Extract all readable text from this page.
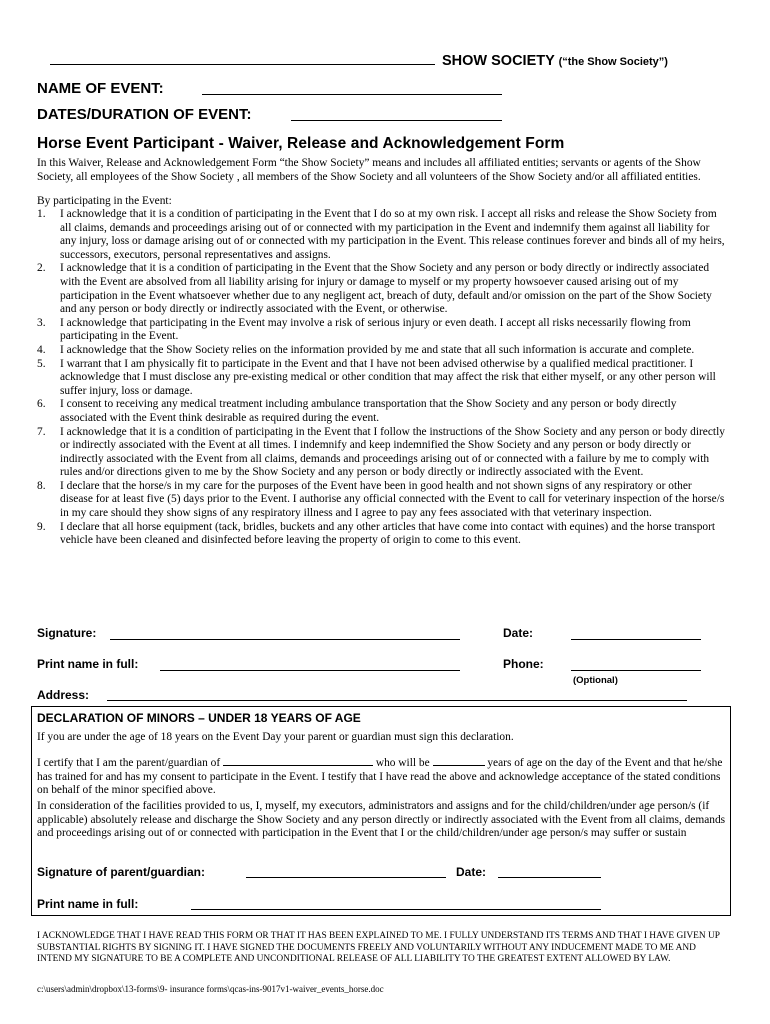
SHOW SOCIETY (“the Show Society”)
NAME OF EVENT:
DATES/DURATION OF EVENT:
Horse Event Participant - Waiver, Release and Acknowledgement Form
In this Waiver, Release and Acknowledgement Form “the Show Society” means and includes all affiliated entities; servants or agents of the Show Society, all employees of the Show Society , all members of the Show Society and all volunteers of the Show Society and/or all affiliated entities.
By participating in the Event:
1. I acknowledge that it is a condition of participating in the Event that I do so at my own risk. I accept all risks and release the Show Society from all claims, demands and proceedings arising out of or connected with my participation in the Event and indemnify them against all liability for any injury, loss or damage arising out of or connected with my participation in the Event. This release continues forever and binds all of my heirs, successors, executors, personal representatives and assigns.
2. I acknowledge that it is a condition of participating in the Event that the Show Society and any person or body directly or indirectly associated with the Event are absolved from all liability arising for injury or damage to myself or my property howsoever caused arising out of my participation in the Event whatsoever whether due to any negligent act, breach of duty, default and/or omission on the part of the Show Society and any person or body directly or indirectly associated with the Event, or otherwise.
3. I acknowledge that participating in the Event may involve a risk of serious injury or even death. I accept all risks necessarily flowing from participating in the Event.
4. I acknowledge that the Show Society relies on the information provided by me and state that all such information is accurate and complete.
5. I warrant that I am physically fit to participate in the Event and that I have not been advised otherwise by a qualified medical practitioner. I acknowledge that I must disclose any pre-existing medical or other condition that may affect the risk that either myself, or any other person will suffer injury, loss or damage.
6. I consent to receiving any medical treatment including ambulance transportation that the Show Society and any person or body directly associated with the Event think desirable as required during the event.
7. I acknowledge that it is a condition of participating in the Event that I follow the instructions of the Show Society and any person or body directly or indirectly associated with the Event at all times. I indemnify and keep indemnified the Show Society and any person or body directly or indirectly associated with the Event from all claims, demands and proceedings arising out of or connected with a failure by me to comply with rules and/or directions given to me by the Show Society and any person or body directly or indirectly associated with the Event.
8. I declare that the horse/s in my care for the purposes of the Event have been in good health and not shown signs of any respiratory or other disease for at least five (5) days prior to the Event. I authorise any official connected with the Event to call for veterinary inspection of the horse/s in my care should they show signs of any respiratory illness and I agree to pay any fees associated with that veterinary inspection.
9. I declare that all horse equipment (tack, bridles, buckets and any other articles that have come into contact with equines) and the horse transport vehicle have been cleaned and disinfected before leaving the property of origin to come to this event.
Signature:	Date:
Print name in full:	Phone:
(Optional)
Address:
DECLARATION OF MINORS – UNDER 18 YEARS OF AGE
If you are under the age of 18 years on the Event Day your parent or guardian must sign this declaration.
I certify that I am the parent/guardian of	who will be	years of age on the day of the Event and that he/she has trained for and has my consent to participate in the Event. I testify that I have read the above and acknowledge acceptance of the stated conditions on behalf of the minor specified above.
In consideration of the facilities provided to us, I, myself, my executors, administrators and assigns and for the child/children/under age person/s (if applicable) absolutely release and discharge the Show Society and any person directly or indirectly associated with the Event from all claims, demands and proceedings arising out of or connected with participation in the Event that I or the child/children/under age person/s may suffer or sustain
Signature of parent/guardian:	Date:
Print name in full:
I ACKNOWLEDGE THAT I HAVE READ THIS FORM OR THAT IT HAS BEEN EXPLAINED TO ME. I FULLY UNDERSTAND ITS TERMS AND THAT I HAVE GIVEN UP SUBSTANTIAL RIGHTS BY SIGNING IT. I HAVE SIGNED THE DOCUMENTS FREELY AND VOLUNTARILY WITHOUT ANY INDUCEMENT MADE TO ME AND INTEND MY SIGNATURE TO BE A COMPLETE AND UNCONDITIONAL RELEASE OF ALL LIABILITY TO THE GREATEST EXTENT ALLOWED BY LAW.
c:\users\admin\dropbox\13-forms\9- insurance forms\qcas-ins-9017v1-waiver_events_horse.doc
